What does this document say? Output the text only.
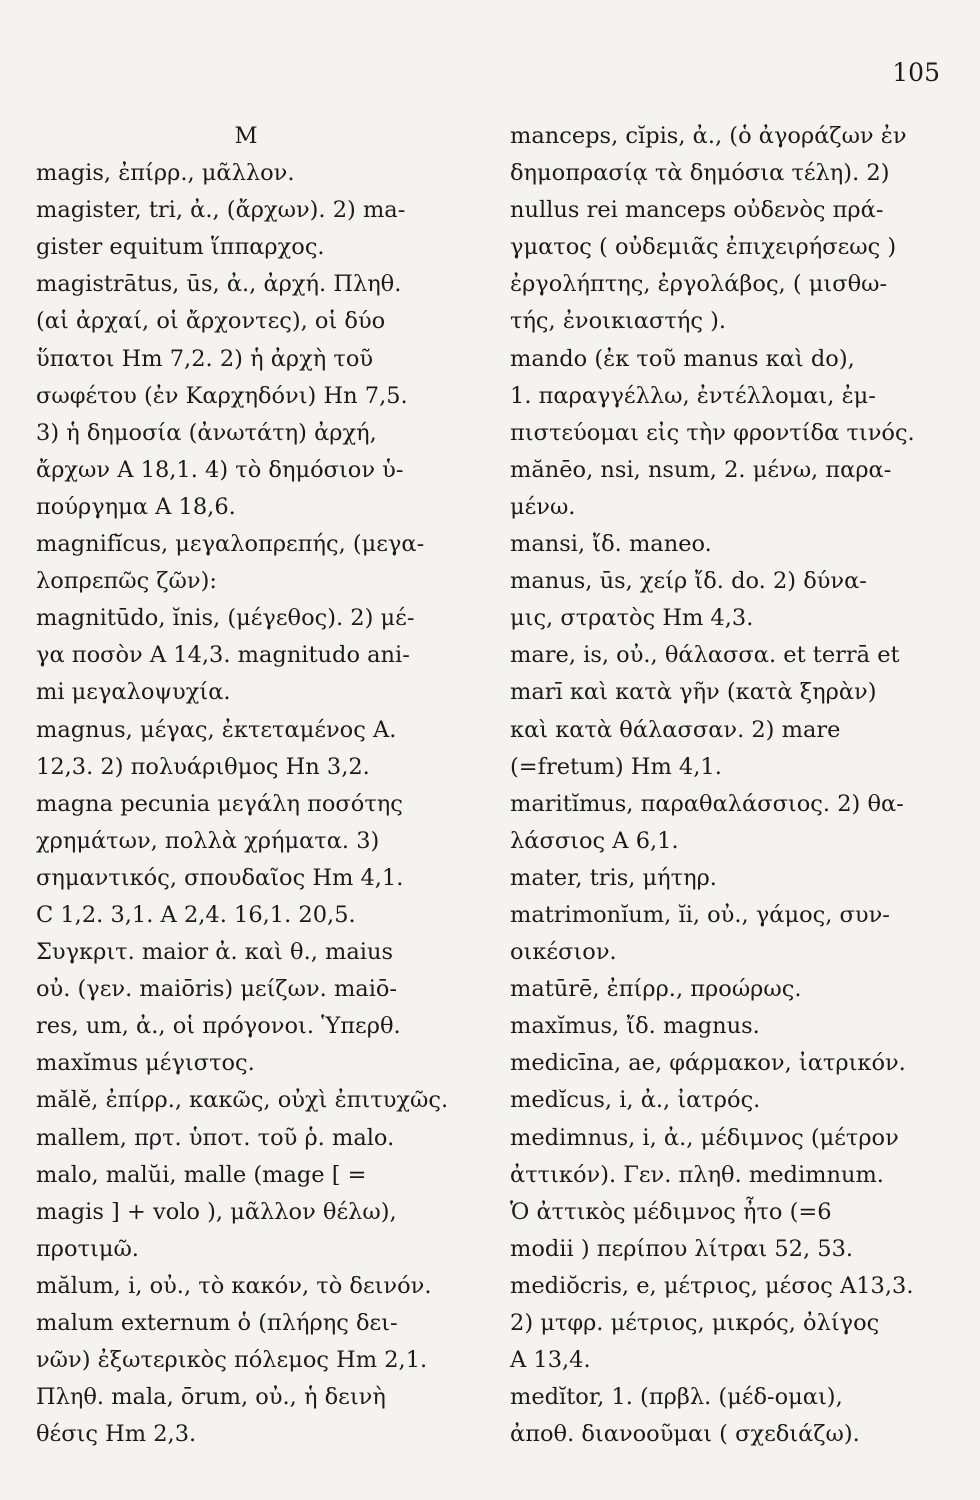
105
M
magis, ἐπίρρ., μᾶλλον.
magister, tri, ἀ., (ἄρχων). 2) ma-
gister equitum ἵππαρχος.
magistrātus, ūs, ἀ., ἀρχή. Πληθ.
(αἱ ἀρχαί, οἱ ἄρχοντες), οἱ δύο
ὕπατοι Hm 7,2. 2) ἡ ἀρχὴ τοῦ
σωφέτου (ἐν Καρχηδόνι) Hn 7,5.
3) ἡ δημοσία (ἀνωτάτη) ἀρχή,
ἄρχων A 18,1. 4) τὸ δημόσιον ὑ-
πούργημα A 18,6.
magnifĭcus, μεγαλοπρεπής, (μεγα-
λοπρεπῶς ζῶν):
magnitūdo, ĭnis, (μέγεθος). 2) μέ-
γα ποσὸν A 14,3. magnitudo ani-
mi μεγαλοψυχία.
magnus, μέγας, ἐκτεταμένος A.
12,3. 2) πολυάριθμος Hn 3,2.
magna pecunia μεγάλη ποσότης
χρημάτων, πολλὰ χρήματα. 3)
σημαντικός, σπουδαῖος Hm 4,1.
C 1,2. 3,1. A 2,4. 16,1. 20,5.
Συγκριτ. maior ἀ. καὶ θ., maius
οὐ. (γεν. maiōris) μείζων. maiō-
res, um, ἀ., οἱ πρόγονοι. Ὑπερθ.
maxĭmus μέγιστος.
mălĕ, ἐπίρρ., κακῶς, οὐχὶ ἐπιτυχῶς.
mallem, πρτ. ὑποτ. τοῦ ῥ. malo.
malo, malŭi, malle (mage [ =
magis ] + volo ), μᾶλλον θέλω),
προτιμῶ.
mălum, i, οὐ., τὸ κακόν, τὸ δεινόν.
malum externum ὁ (πλήρης δει-
νῶν) ἐξωτερικὸς πόλεμος Hm 2,1.
Πληθ. mala, ōrum, οὐ., ἡ δεινὴ
θέσις Hm 2,3.
manceps, cĭpis, ἀ., (ὁ ἀγοράζων ἐν
δημοπρασίᾳ τὰ δημόσια τέλη). 2)
nullus rei manceps οὐδενὸς πρά-
γματος ( οὐδεμιᾶς ἐπιχειρήσεως )
ἐργολήπτης, ἐργολάβος, ( μισθω-
τής, ἐνοικιαστής ).
mando (ἐκ τοῦ manus καὶ do),
1. παραγγέλλω, ἐντέλλομαι, ἐμ-
πιστεύομαι εἰς τὴν φροντίδα τινός.
mănēo, nsi, nsum, 2. μένω, παρα-
μένω.
mansi, ἴδ. maneo.
manus, ūs, χείρ ἴδ. do. 2) δύνα-
μις, στρατὸς Hm 4,3.
mare, is, οὐ., θάλασσα. et terrā et
marī καὶ κατὰ γῆν (κατὰ ξηρὰν)
καὶ κατὰ θάλασσαν. 2) mare
(=fretum) Hm 4,1.
maritĭmus, παραθαλάσσιος. 2) θα-
λάσσιος A 6,1.
mater, tris, μήτηρ.
matrimonĭum, ĭi, οὐ., γάμος, συν-
οικέσιον.
matūrē, ἐπίρρ., προώρως.
maxĭmus, ἴδ. magnus.
medicīna, ae, φάρμακον, ἰατρικόν.
medĭcus, i, ἀ., ἰατρός.
medimnus, i, ἀ., μέδιμνος (μέτρον
ἀττικόν). Γεν. πληθ. medimnum.
Ὁ ἀττικὸς μέδιμνος ἦτο (=6
modii ) περίπου λίτραι 52, 53.
mediŏcris, e, μέτριος, μέσος A13,3.
2) μτφρ. μέτριος, μικρός, ὀλίγος
A 13,4.
medĭtor, 1. (πρβλ. (μέδ-ομαι),
ἀποθ. διανοοῦμαι ( σχεδιάζω).
